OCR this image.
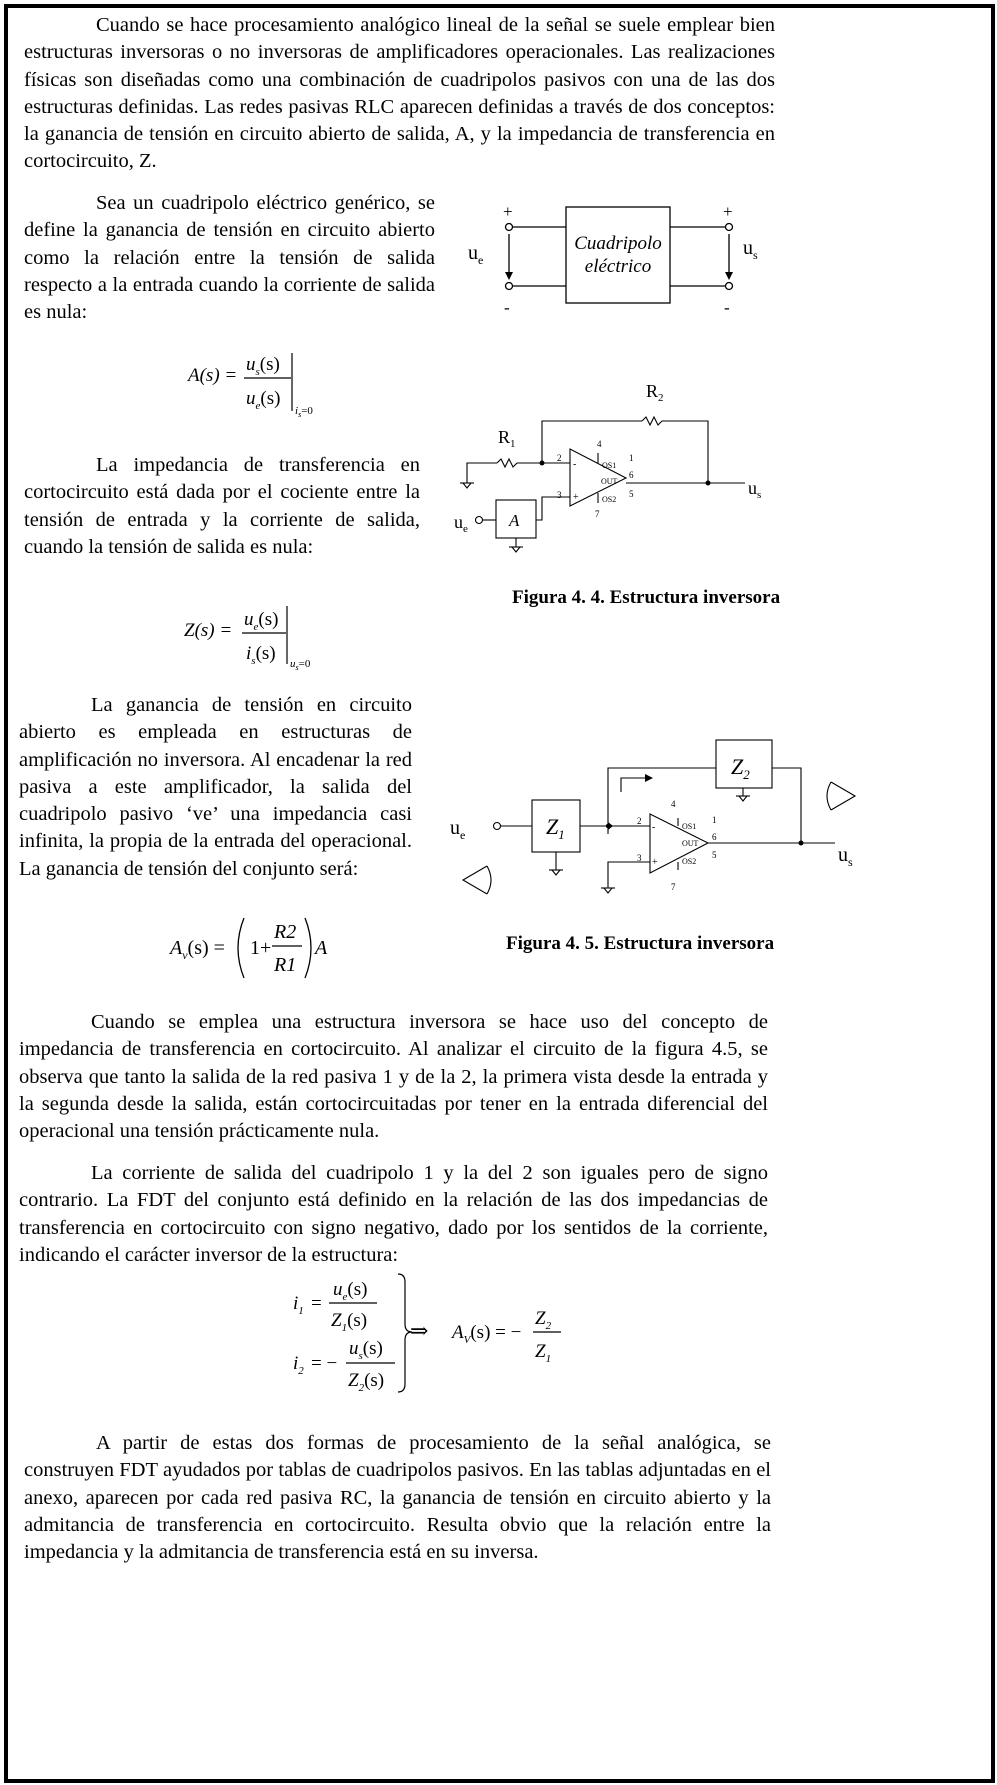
Cuando se hace procesamiento analógico lineal de la señal se suele emplear bien estructuras inversoras o no inversoras de amplificadores operacionales. Las realizaciones físicas son diseñadas como una combinación de cuadripolos pasivos con una de las dos estructuras definidas. Las redes pasivas RLC aparecen definidas a través de dos conceptos: la ganancia de tensión en circuito abierto de salida, A, y la impedancia de transferencia en cortocircuito, Z.

Sea un cuadripolo eléctrico genérico, se define la ganancia de tensión en circuito abierto como la relación entre la tensión de salida respecto a la entrada cuando la corriente de salida es nula:

+	+
-	-
Cuadripolo
eléctrico
$u_e$
$u_s$
A(s) =
$u_s(s)$
$u_e(s)$
$i_s=0$
2
3
4
7
1
6
5
OS1
OUT
OS2
-
+
$R_1$
$R_2$
A
$u_e$
$u_s$

La impedancia de transferencia en cortocircuito está dada por el cociente entre la tensión de entrada y la corriente de salida, cuando la tensión de salida es nula:

Figura 4. 4. Estructura inversora
Z(s) =
$u_e(s)$
$i_s(s)$ $u_s=0$

La ganancia de tensión en circuito abierto es empleada en estructuras de amplificación no inversora. Al encadenar la red pasiva a este amplificador, la salida del cuadripolo pasivo ‘ve’ una impedancia casi infinita, la propia de la entrada del operacional. La ganancia de tensión del conjunto será:

2
3
4
7
1
6
5
OS1
OUT
OS2
-
+
$Z_1$
$Z_2$
$u_e$
$u_s$
$A_v(s) = 1+$
R2
R1
A	Figura 4. 5. Estructura inversora

Cuando se emplea una estructura inversora se hace uso del concepto de impedancia de transferencia en cortocircuito. Al analizar el circuito de la figura 4.5, se observa que tanto la salida de la red pasiva 1 y de la 2, la primera vista desde la entrada y la segunda desde la salida, están cortocircuitadas por tener en la entrada diferencial del operacional una tensión prácticamente nula.

La corriente de salida del cuadripolo 1 y la del 2 son iguales pero de signo contrario. La FDT del conjunto está definido en la relación de las dos impedancias de transferencia en cortocircuito con signo negativo, dado por los sentidos de la corriente, indicando el carácter inversor de la estructura:

$i_1$ =
$u_e(s)$
$Z_1(s)$
$i_2$ = −
$u_s(s)$
$Z_2(s)$
⇒ $A_V(s)$ = −
$Z_2$
$Z_1$

A partir de estas dos formas de procesamiento de la señal analógica, se construyen FDT ayudados por tablas de cuadripolos pasivos. En las tablas adjuntadas en el anexo, aparecen por cada red pasiva RC, la ganancia de tensión en circuito abierto y la admitancia de transferencia en cortocircuito. Resulta obvio que la relación entre la impedancia y la admitancia de transferencia está en su inversa.
